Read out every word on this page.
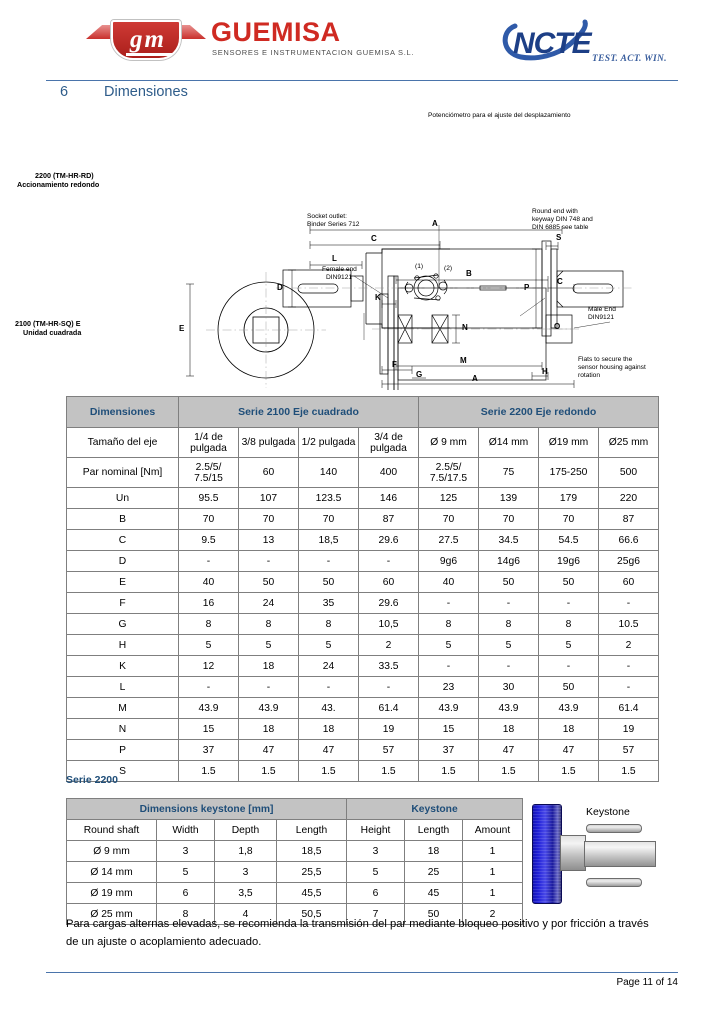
gm	GUEMISA
SENSORES E INSTRUMENTACION GUEMISA S.L.	NCTE TEST. ACT. WIN.
6 Dimensiones
Potenciómetro para el ajuste del desplazamiento
2200 (TM-HR-RD)
Accionamiento redondo
Socket outlet:
Binder Series 712
Round end with
keyway DIN 748 and
DIN 6885 see table
2100 (TM-HR-SQ) E
Unidad cuadrada
Female end
DIN9121
Male End
DIN9121
Flats to secure the
sensor housing against
rotation
(1)	(2)
A
C
L
D	P
S
B
C
K
N	O
E
F
G
M
H
A
Dimensiones	Serie 2100 Eje cuadrado				Serie 2200 Eje redondo			
Tamaño del eje	1/4 de pulgada	3/8 pulgada	1/2 pulgada	3/4 de pulgada	Ø 9 mm	Ø14 mm	Ø19 mm	Ø25 mm
Par nominal [Nm]	2.5/5/ 7.5/15	60	140	400	2.5/5/ 7.5/17.5	75	175-250	500
Un	95.5	107	123.5	146	125	139	179	220
B	70	70	70	87	70	70	70	87
C	9.5	13	18,5	29.6	27.5	34.5	54.5	66.6
D	-	-	-	-	9g6	14g6	19g6	25g6
E	40	50	50	60	40	50	50	60
F	16	24	35	29.6	-	-	-	-
G	8	8	8	10,5	8	8	8	10.5
H	5	5	5	2	5	5	5	2
K	12	18	24	33.5	-	-	-	-
L	-	-	-	-	23	30	50	-
M	43.9	43.9	43.	61.4	43.9	43.9	43.9	61.4
N	15	18	18	19	15	18	18	19
P	37	47	47	57	37	47	47	57
S	1.5	1.5	1.5	1.5	1.5	1.5	1.5	1.5
Serie 2200
Dimensions keystone [mm]				Keystone		
Round shaft	Width	Depth	Length	Height	Length	Amount
Ø 9 mm	3	1,8	18,5	3	18	1
Ø 14 mm	5	3	25,5	5	25	1
Ø 19 mm	6	3,5	45,5	6	45	1
Ø 25 mm	8	4	50,5	7	50	2
Keystone
Para cargas alternas elevadas, se recomienda la transmisión del par mediante bloqueo positivo y por fricción a través de un ajuste o acoplamiento adecuado.
Page 11 of 14
